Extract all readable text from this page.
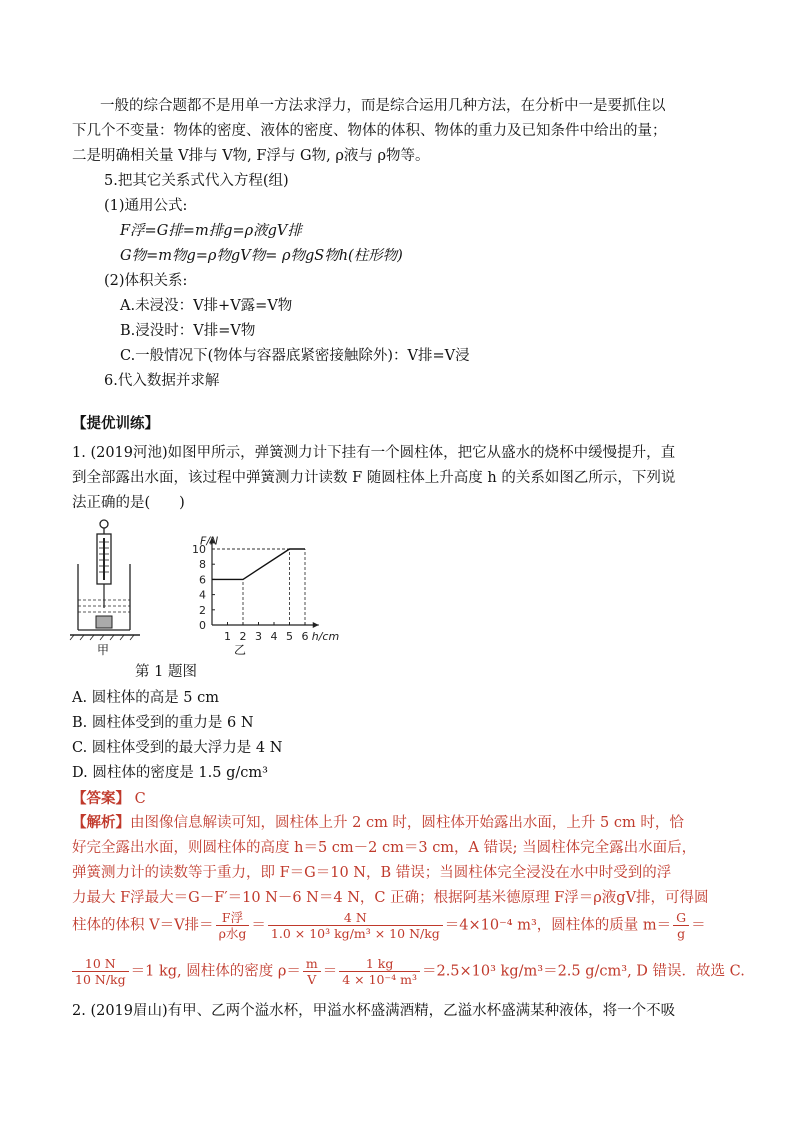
一般的综合题都不是用单一方法求浮力，而是综合运用几种方法，在分析中一是要抓住以
下几个不变量：物体的密度、液体的密度、物体的体积、物体的重力及已知条件中给出的量；
二是明确相关量 V排与 V物, F浮与 G物, ρ液与 ρ物等。
5.把其它关系式代入方程(组)
(1)通用公式:
F浮=G排=m排g=ρ液gV排
G物=m物g=ρ物gV物= ρ物gS物h(柱形物)
(2)体积关系:
A.未浸没：V排+V露=V物
B.浸没时：V排=V物
C.一般情况下(物体与容器底紧密接触除外)：V排=V浸
6.代入数据并求解
【提优训练】
1. (2019河池)如图甲所示，弹簧测力计下挂有一个圆柱体，把它从盛水的烧杯中缓慢提升，直
到全部露出水面，该过程中弹簧测力计读数 F 随圆柱体上升高度 h 的关系如图乙所示，下列说
法正确的是(　　)
甲
0
2
4
6
8
10
1 2 3 4 5 6
F/N
h/cm
乙
第 1 题图
A. 圆柱体的高是 5 cm
B. 圆柱体受到的重力是 6 N
C. 圆柱体受到的最大浮力是 4 N
D. 圆柱体的密度是 1.5 g/cm³
【答案】 C
【解析】由图像信息解读可知，圆柱体上升 2 cm 时，圆柱体开始露出水面，上升 5 cm 时，恰
好完全露出水面，则圆柱体的高度 h＝5 cm－2 cm＝3 cm，A 错误; 当圆柱体完全露出水面后，
弹簧测力计的读数等于重力，即 F＝G＝10 N，B 错误；当圆柱体完全浸没在水中时受到的浮
力最大 F浮最大＝G－F′＝10 N－6 N＝4 N，C 正确；根据阿基米德原理 F浮＝ρ液gV排，可得圆
柱体的体积 V＝V排＝ $\frac{\text{F浮}}{\text{ρ水g}} = \frac{4 N}{\text{1.0 × 10³ kg/m³ × 10 N/kg}} =4\times 10^{-4}$ m³，圆柱体的质量 $m= \frac{G}{g}$ ＝
$\frac{10 N}{10 N/kg} =1$ kg, 圆柱体的密度 $\rho= \frac{m}{V} = \frac{1 kg}{\text{4 × 10⁻⁴ m³}} =2.5\times 10^3$ kg/m³＝2.5 g/cm³, D 错误．故选 C.
2. (2019眉山)有甲、乙两个溢水杯，甲溢水杯盛满酒精，乙溢水杯盛满某种液体，将一个不吸
